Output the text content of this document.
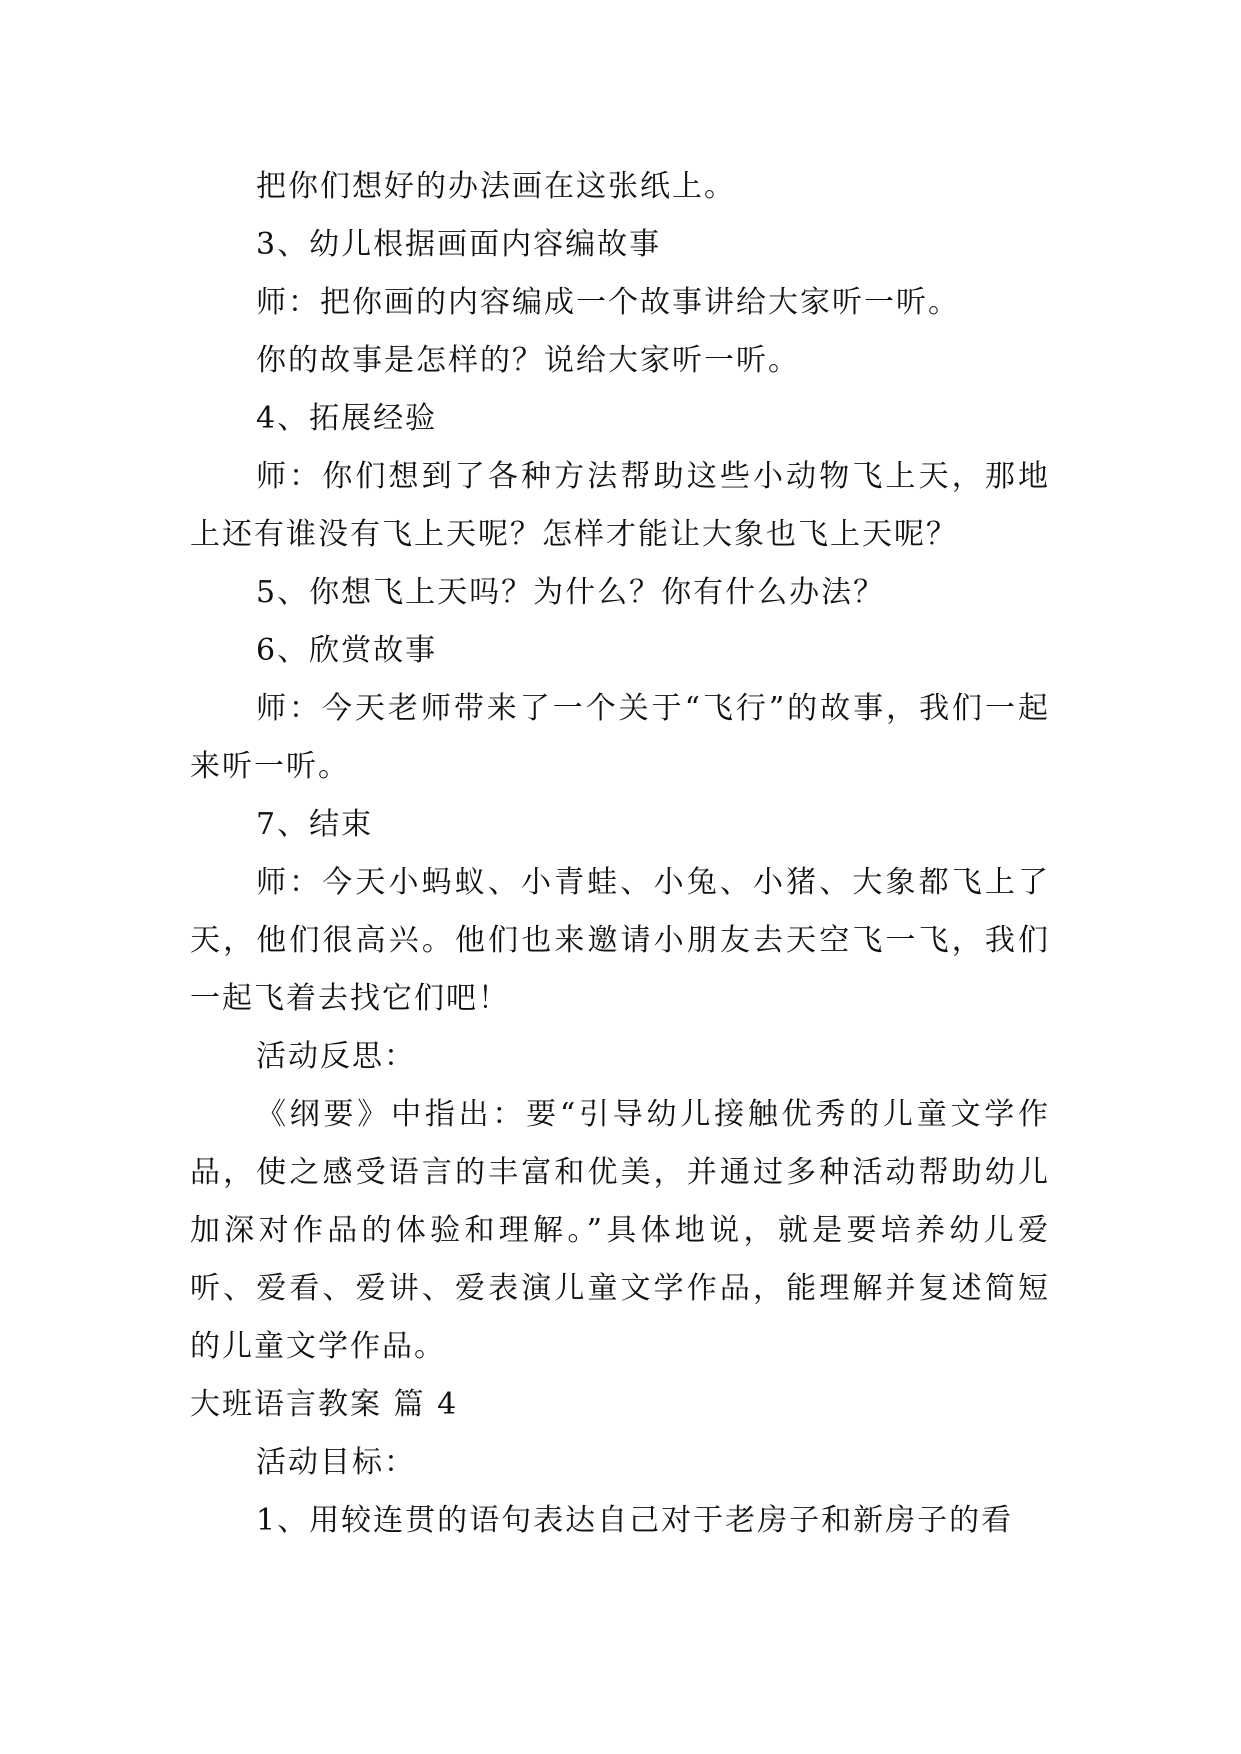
把你们想好的办法画在这张纸上。

3、幼儿根据画面内容编故事

师：把你画的内容编成一个故事讲给大家听一听。

你的故事是怎样的？说给大家听一听。

4、拓展经验

师：你们想到了各种方法帮助这些小动物飞上天，那地上还有谁没有飞上天呢？怎样才能让大象也飞上天呢？

5、你想飞上天吗？为什么？你有什么办法？

6、欣赏故事

师：今天老师带来了一个关于“飞行”的故事，我们一起来听一听。

7、结束

师：今天小蚂蚁、小青蛙、小兔、小猪、大象都飞上了天，他们很高兴。他们也来邀请小朋友去天空飞一飞，我们一起飞着去找它们吧！

活动反思：

《纲要》中指出：要“引导幼儿接触优秀的儿童文学作品，使之感受语言的丰富和优美，并通过多种活动帮助幼儿加深对作品的体验和理解。”具体地说，就是要培养幼儿爱听、爱看、爱讲、爱表演儿童文学作品，能理解并复述简短的儿童文学作品。

大班语言教案 篇 4

活动目标：

1、用较连贯的语句表达自己对于老房子和新房子的看
